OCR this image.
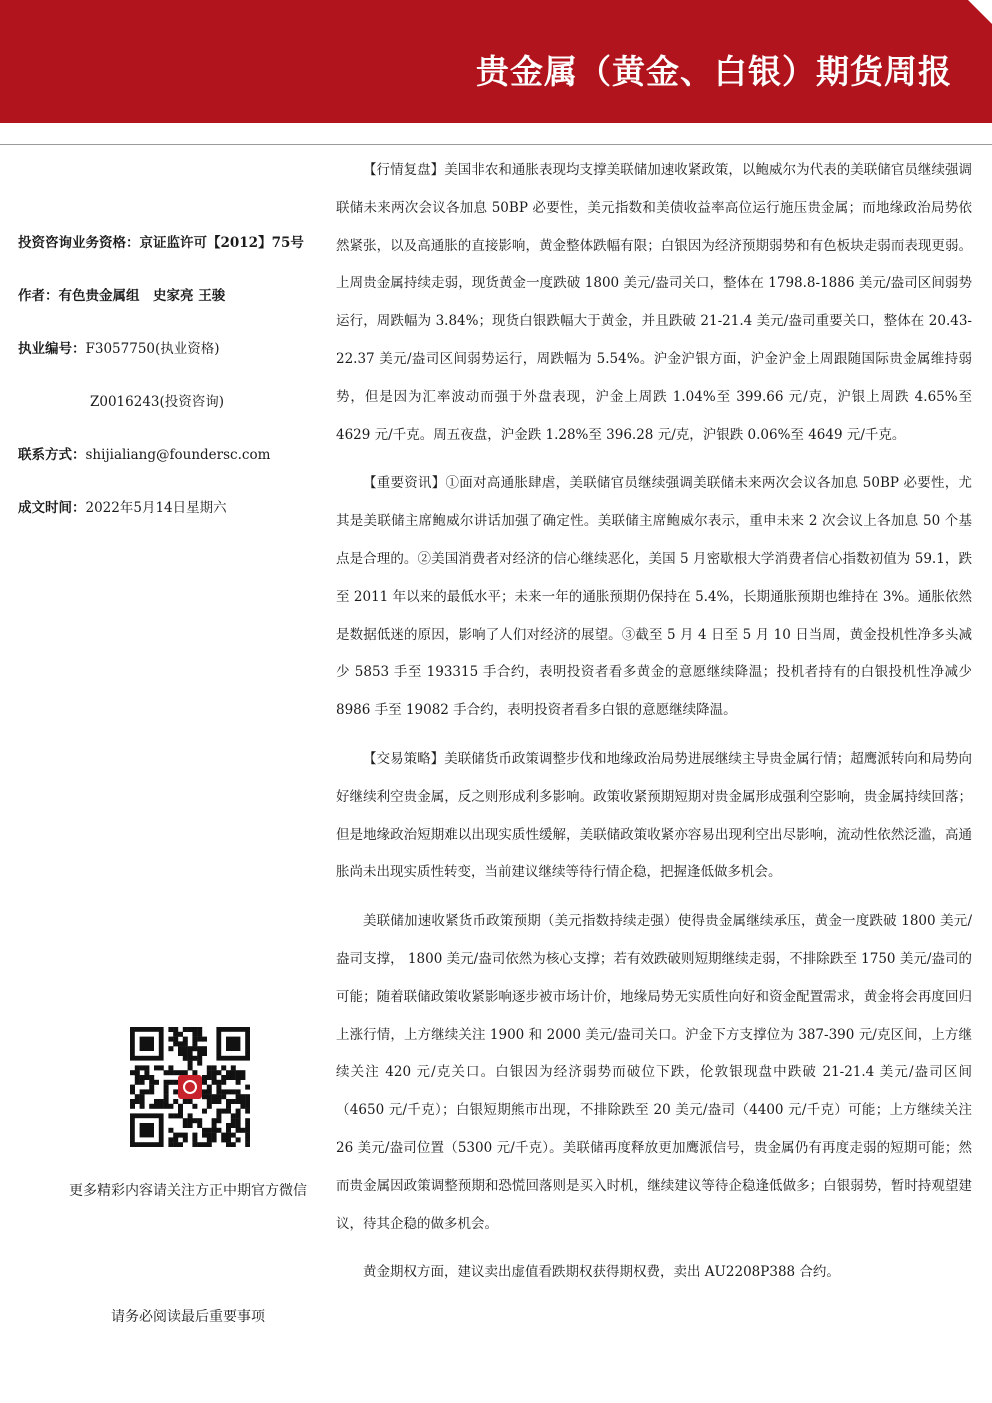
贵金属（黄金、白银）期货周报
投资咨询业务资格：京证监许可【2012】75号
作者：有色贵金属组　史家亮 王骏
执业编号：F3057750(执业资格)
Z0016243(投资咨询)
联系方式：shijialiang@foundersc.com
成文时间：2022年5月14日星期六
更多精彩内容请关注方正中期官方微信
请务必阅读最后重要事项

【行情复盘】美国非农和通胀表现均支撑美联储加速收紧政策，以鲍威尔为代表的美联储官员继续强调联储未来两次会议各加息 50BP 必要性，美元指数和美债收益率高位运行施压贵金属；而地缘政治局势依然紧张，以及高通胀的直接影响，黄金整体跌幅有限；白银因为经济预期弱势和有色板块走弱而表现更弱。上周贵金属持续走弱，现货黄金一度跌破 1800 美元/盎司关口，整体在 1798.8-1886 美元/盎司区间弱势运行，周跌幅为 3.84%；现货白银跌幅大于黄金，并且跌破 21-21.4 美元/盎司重要关口，整体在 20.43-22.37 美元/盎司区间弱势运行，周跌幅为 5.54%。沪金沪银方面，沪金沪金上周跟随国际贵金属维持弱势，但是因为汇率波动而强于外盘表现，沪金上周跌 1.04%至 399.66 元/克，沪银上周跌 4.65%至 4629 元/千克。周五夜盘，沪金跌 1.28%至 396.28 元/克，沪银跌 0.06%至 4649 元/千克。

【重要资讯】①面对高通胀肆虐，美联储官员继续强调美联储未来两次会议各加息 50BP 必要性，尤其是美联储主席鲍威尔讲话加强了确定性。美联储主席鲍威尔表示，重申未来 2 次会议上各加息 50 个基点是合理的。②美国消费者对经济的信心继续恶化，美国 5 月密歇根大学消费者信心指数初值为 59.1，跌至 2011 年以来的最低水平；未来一年的通胀预期仍保持在 5.4%，长期通胀预期也维持在 3%。通胀依然是数据低迷的原因，影响了人们对经济的展望。③截至 5 月 4 日至 5 月 10 日当周，黄金投机性净多头减少 5853 手至 193315 手合约，表明投资者看多黄金的意愿继续降温；投机者持有的白银投机性净减少 8986 手至 19082 手合约，表明投资者看多白银的意愿继续降温。

【交易策略】美联储货币政策调整步伐和地缘政治局势进展继续主导贵金属行情；超鹰派转向和局势向好继续利空贵金属，反之则形成利多影响。政策收紧预期短期对贵金属形成强利空影响，贵金属持续回落；但是地缘政治短期难以出现实质性缓解，美联储政策收紧亦容易出现利空出尽影响，流动性依然泛滥，高通胀尚未出现实质性转变，当前建议继续等待行情企稳，把握逢低做多机会。

美联储加速收紧货币政策预期（美元指数持续走强）使得贵金属继续承压，黄金一度跌破 1800 美元/盎司支撑， 1800 美元/盎司依然为核心支撑；若有效跌破则短期继续走弱，不排除跌至 1750 美元/盎司的可能；随着联储政策收紧影响逐步被市场计价，地缘局势无实质性向好和资金配置需求，黄金将会再度回归上涨行情，上方继续关注 1900 和 2000 美元/盎司关口。沪金下方支撑位为 387-390 元/克区间，上方继续关注 420 元/克关口。白银因为经济弱势而破位下跌，伦敦银现盘中跌破 21-21.4 美元/盎司区间（4650 元/千克）；白银短期熊市出现，不排除跌至 20 美元/盎司（4400 元/千克）可能；上方继续关注 26 美元/盎司位置（5300 元/千克）。美联储再度释放更加鹰派信号，贵金属仍有再度走弱的短期可能；然而贵金属因政策调整预期和恐慌回落则是买入时机，继续建议等待企稳逢低做多；白银弱势，暂时持观望建议，待其企稳的做多机会。

黄金期权方面，建议卖出虚值看跌期权获得期权费，卖出 AU2208P388 合约。
